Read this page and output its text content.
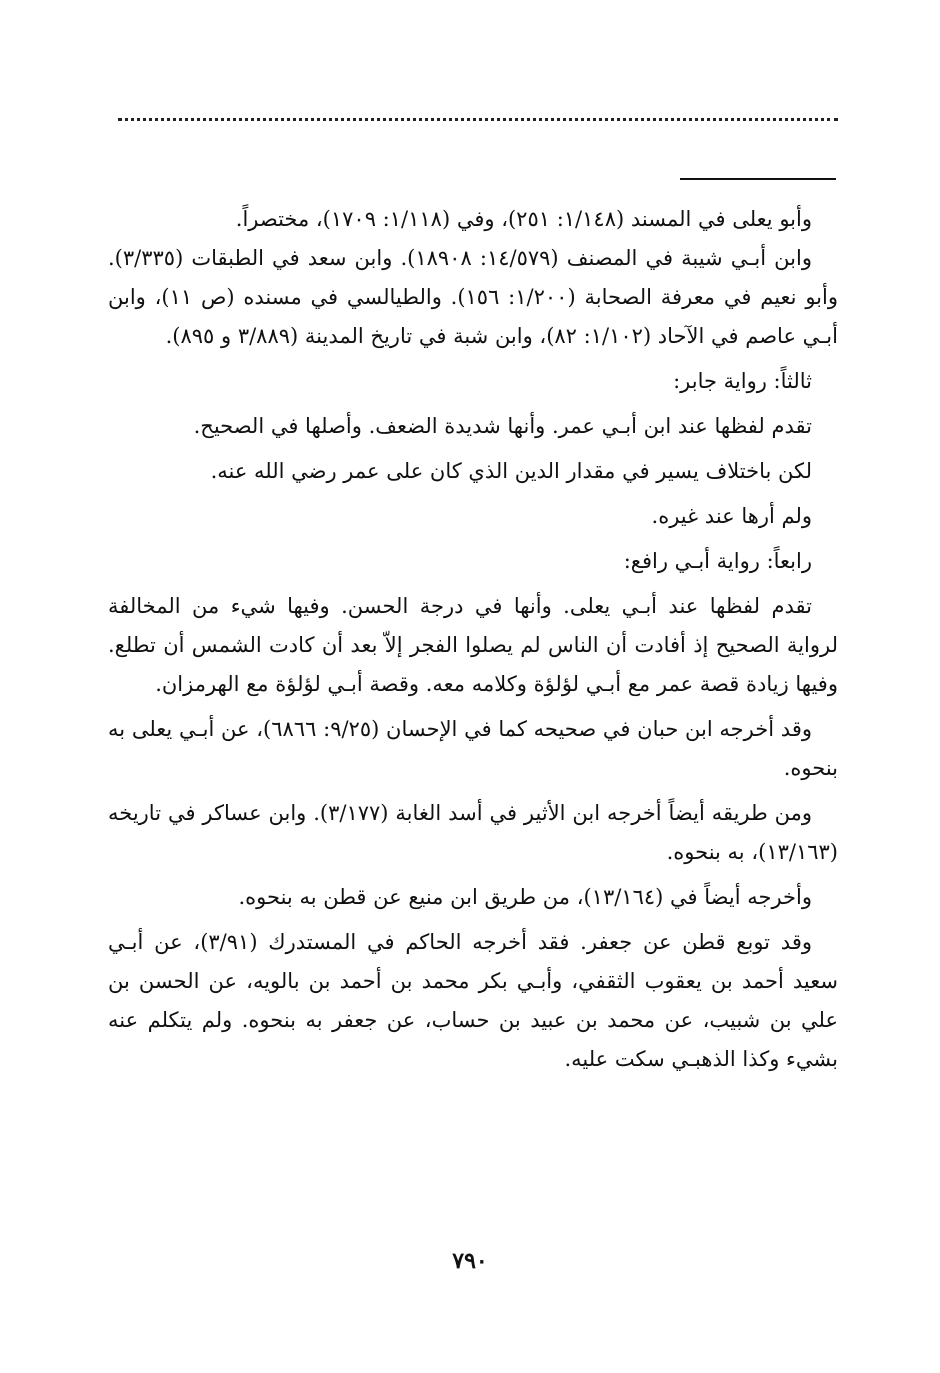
وأبو يعلى في المسند (١/١٤٨: ٢٥١)، وفي (١/١١٨: ١٧٠٩)، مختصراً.

وابن أبـي شيبة في المصنف (١٤/٥٧٩: ١٨٩٠٨). وابن سعد في الطبقات (٣/٣٣٥). وأبو نعيم في معرفة الصحابة (١/٢٠٠: ١٥٦). والطيالسي في مسنده (ص ١١)، وابن أبـي عاصم في الآحاد (١/١٠٢: ٨٢)، وابن شبة في تاريخ المدينة (٣/٨٨٩ و ٨٩٥).

ثالثاً: رواية جابر:

تقدم لفظها عند ابن أبـي عمر. وأنها شديدة الضعف. وأصلها في الصحيح.

لكن باختلاف يسير في مقدار الدين الذي كان على عمر رضي الله عنه.

ولم أرها عند غيره.

رابعاً: رواية أبـي رافع:

تقدم لفظها عند أبـي يعلى. وأنها في درجة الحسن. وفيها شيء من المخالفة لرواية الصحيح إذ أفادت أن الناس لم يصلوا الفجر إلاّ بعد أن كادت الشمس أن تطلع. وفيها زيادة قصة عمر مع أبـي لؤلؤة وكلامه معه. وقصة أبـي لؤلؤة مع الهرمزان.

وقد أخرجه ابن حبان في صحيحه كما في الإحسان (٩/٢٥: ٦٨٦٦)، عن أبـي يعلى به بنحوه.

ومن طريقه أيضاً أخرجه ابن الأثير في أسد الغابة (٣/١٧٧). وابن عساكر في تاريخه (١٣/١٦٣)، به بنحوه.

وأخرجه أيضاً في (١٣/١٦٤)، من طريق ابن منيع عن قطن به بنحوه.

وقد توبع قطن عن جعفر. فقد أخرجه الحاكم في المستدرك (٣/٩١)، عن أبـي سعيد أحمد بن يعقوب الثقفي، وأبـي بكر محمد بن أحمد بن بالويه، عن الحسن بن علي بن شبيب، عن محمد بن عبيد بن حساب، عن جعفر به بنحوه. ولم يتكلم عنه بشيء وكذا الذهبـي سكت عليه.

٧٩٠
